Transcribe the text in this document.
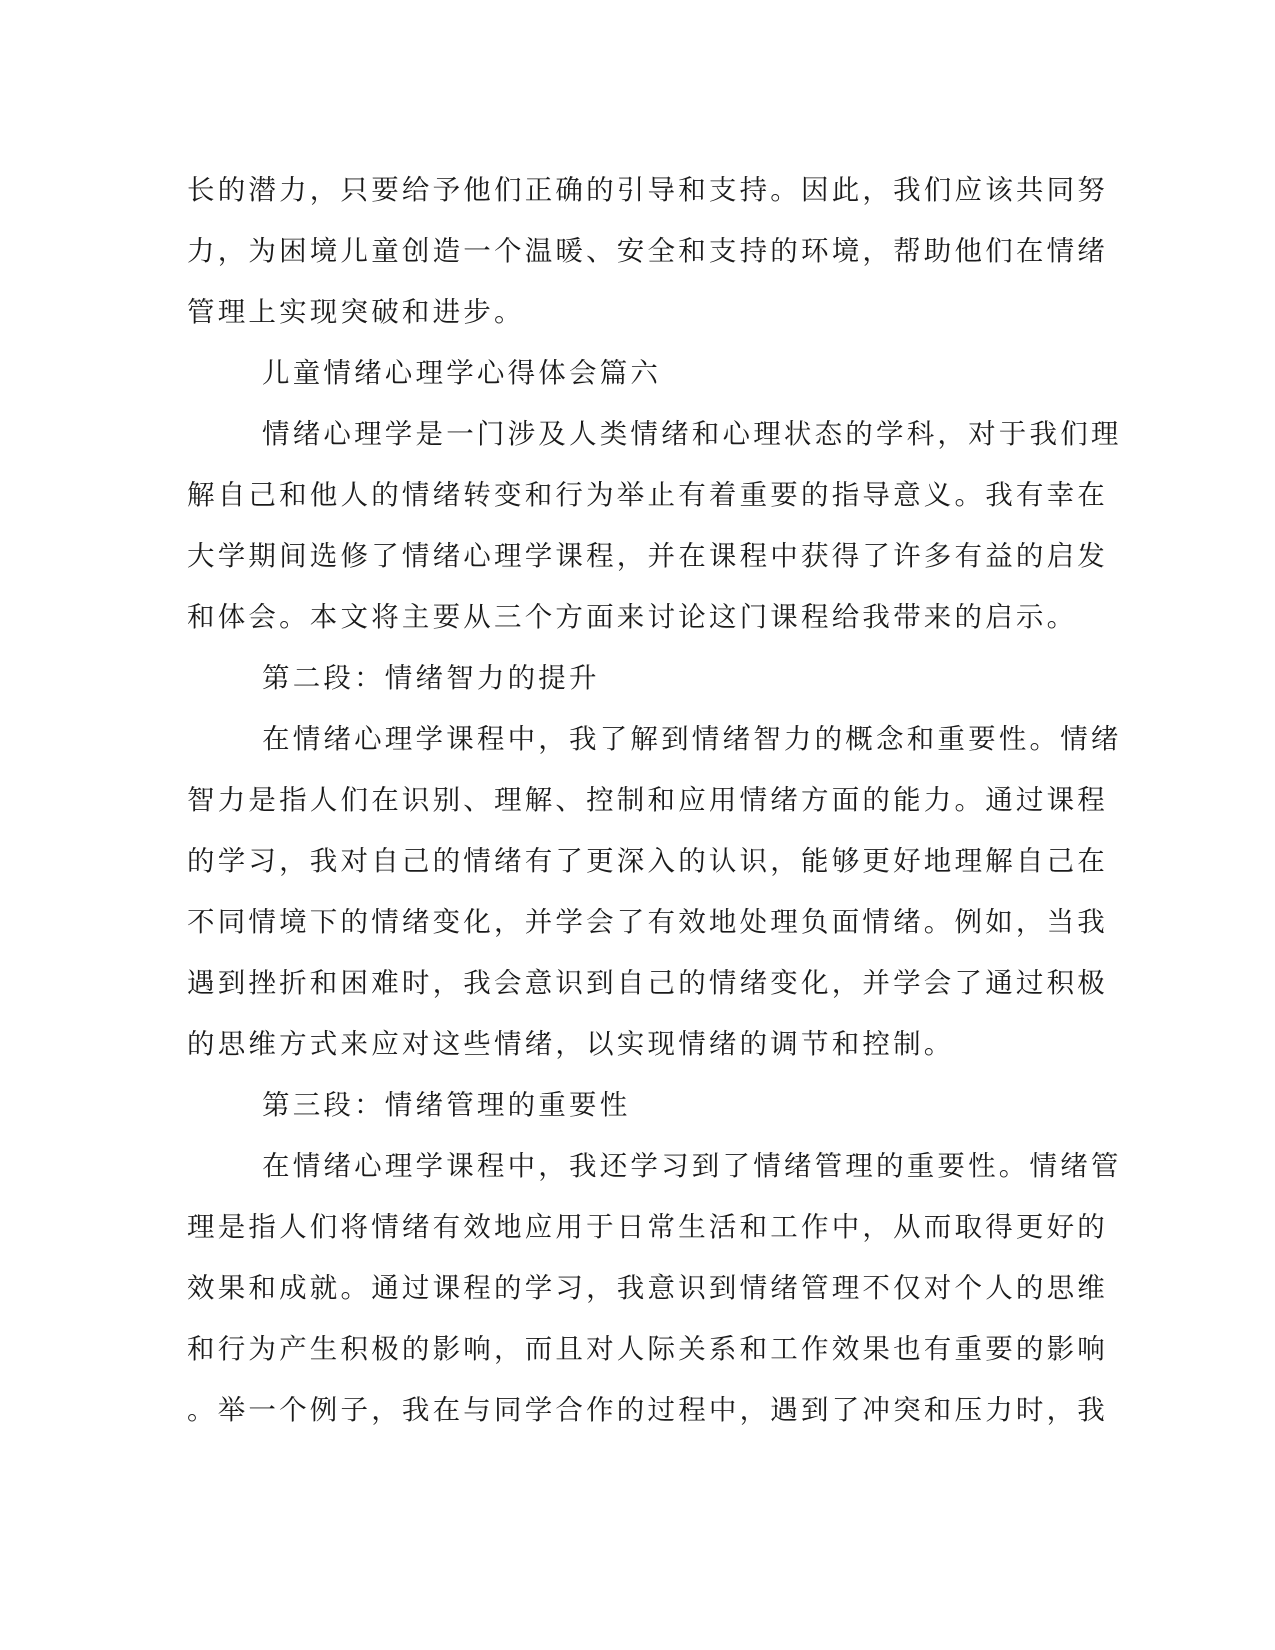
长的潜力，只要给予他们正确的引导和支持。因此，我们应该共同努
力，为困境儿童创造一个温暖、安全和支持的环境，帮助他们在情绪
管理上实现突破和进步。
儿童情绪心理学心得体会篇六
情绪心理学是一门涉及人类情绪和心理状态的学科，对于我们理
解自己和他人的情绪转变和行为举止有着重要的指导意义。我有幸在
大学期间选修了情绪心理学课程，并在课程中获得了许多有益的启发
和体会。本文将主要从三个方面来讨论这门课程给我带来的启示。
第二段：情绪智力的提升
在情绪心理学课程中，我了解到情绪智力的概念和重要性。情绪
智力是指人们在识别、理解、控制和应用情绪方面的能力。通过课程
的学习，我对自己的情绪有了更深入的认识，能够更好地理解自己在
不同情境下的情绪变化，并学会了有效地处理负面情绪。例如，当我
遇到挫折和困难时，我会意识到自己的情绪变化，并学会了通过积极
的思维方式来应对这些情绪，以实现情绪的调节和控制。
第三段：情绪管理的重要性
在情绪心理学课程中，我还学习到了情绪管理的重要性。情绪管
理是指人们将情绪有效地应用于日常生活和工作中，从而取得更好的
效果和成就。通过课程的学习，我意识到情绪管理不仅对个人的思维
和行为产生积极的影响，而且对人际关系和工作效果也有重要的影响
。举一个例子，我在与同学合作的过程中，遇到了冲突和压力时，我
